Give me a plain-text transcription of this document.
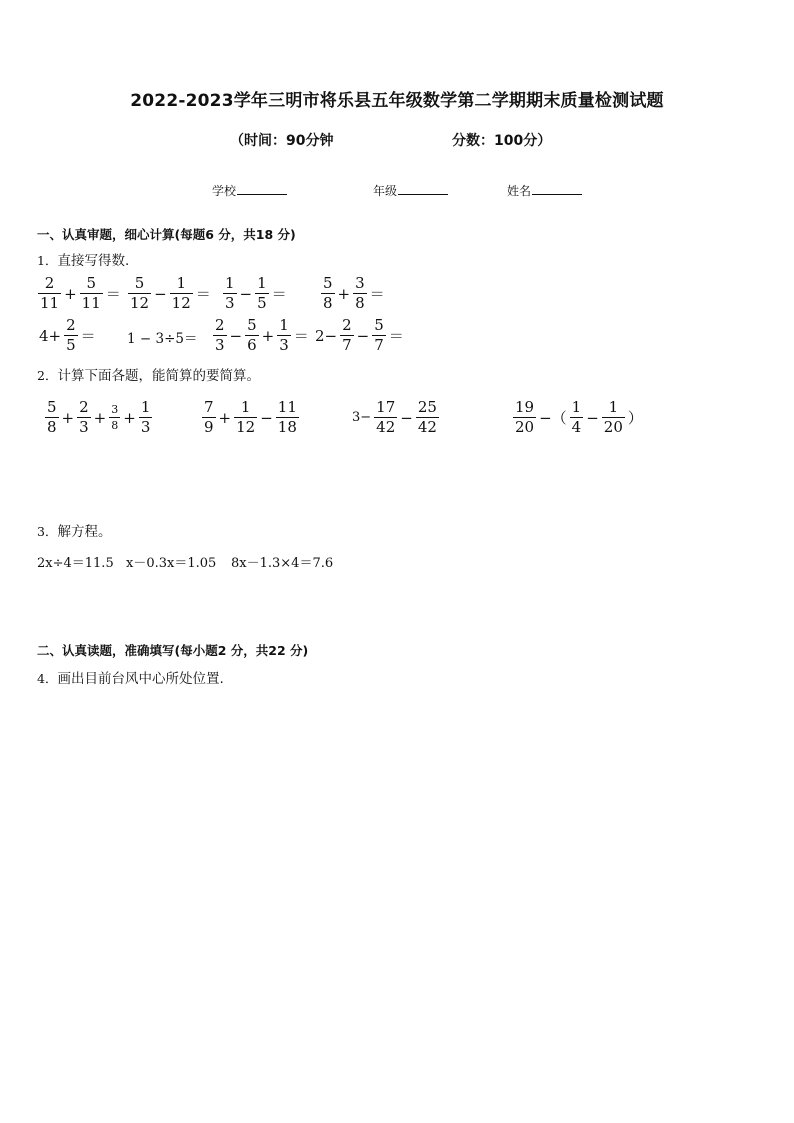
2022-2023学年三明市将乐县五年级数学第二学期期末质量检测试题
（时间：90分钟	分数：100分）
学校	年级	姓名
一、认真审题，细心计算(每题6 分，共18 分)
1．直接写得数.
$\frac{2}{11} + \frac{5}{11} = \frac{5}{12} - \frac{1}{12} = \frac{1}{3} - \frac{1}{5} = \frac{5}{8} + \frac{3}{8}$ ＝
$4+ \frac{2}{5} = 1 - 3\div 5= \frac{2}{3} - \frac{5}{6} + \frac{1}{3} = 2- \frac{2}{7} - \frac{5}{7}$ ＝
2．计算下面各题，能简算的要简算。
$\frac{5}{8} + \frac{2}{3} + \frac{3}{8} + \frac{1}{3}$	$\frac{7}{9} + \frac{1}{12} - \frac{11}{18}$	$3- \frac{17}{42} - \frac{25}{42}$	$\frac{19}{20}$ −（ $\frac{1}{4} - \frac{1}{20}$ ）
3．解方程。
2x÷4＝11.5 x－0.3x＝1.05 8x－1.3×4＝7.6
二、认真读题，准确填写(每小题2 分，共22 分)
4．画出目前台风中心所处位置.
